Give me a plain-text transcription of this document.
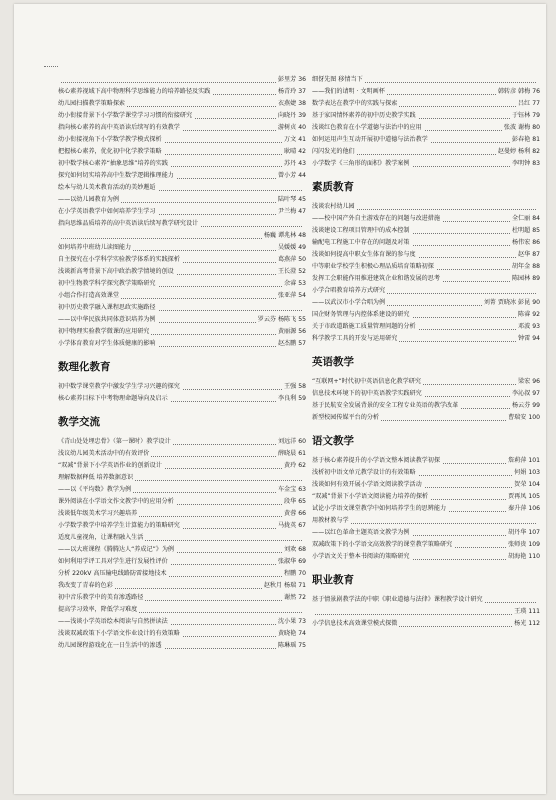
彭里芳 36
核心素养视域下高中物理科学思维能力的培养路径及实践	杨青玲 37
幼儿园扫描教学策略探索	衣燕婕 38
幼小衔接背景下小学数学课堂学习习惯的衔接研究	向晓丹 39
指向核心素养的高中英语读后续写的有效教学	游树贞 40
幼小衔接视角下小学数学教学模式探析	万文 41
把握核心素养，优化初中化学教学策略	耿晴 42
初中数学核心素养“抽象思维”培养的实践	苏丹 43
探究如何切实培养高中生数学逻辑推理能力	曾小芳 44
绘本与幼儿美术教育活动的美妙邂逅
——以幼儿园教育为例	陆叶琴 45
在小学英语教学中如何培养学生学习	尹兰梅 47
指向思维品质培养的高中英语读后续写教学研究设计
杨巍 谭兆林 48
如何培养中班幼儿读图能力	吴媛媛 49
自主探究在小学科学实验教学体系的实践探析	葛燕萍 50
浅谈新高考背景下高中政治教学情境的创设	王长澄 52
初中生物教学科学探究教学策略研究	余睿 53
小组合作打造高效课堂	张亚萍 54
初中历史教学融入课程思政实施路径
——以中华民族共同体意识培养为例	罗云芬 杨陈飞 55
初中物理实验教学微课的应用研究	黄丽源 56
小学体育教育对学生体质健康的影响	赵杰鹏 57
数理化教育
初中数学课堂教学中激发学生学习兴趣的探究	王强 58
核心素养目标下中考物理命题导向及启示	李良利 59
教学交流
《青山处处埋忠骨》（第一课时）教学设计	刘远洋 60
浅议幼儿园美术活动中的有效评价	薛晓晨 61
“双减”背景下小学英语作业的创新设计	黄玲 62
理解数据释低 培养数据意识
——以《平均数》教学为例	车金宝 63
课外阅读在小学语文作文教学中的应用分析	段华 65
浅谈低年级美术学习兴趣培养	黄蓉 66
小学数学教学中培养学生计算能力的策略研究	马拢英 67
适度儿童视角，让课程融入生活
——以大班课程《腾腾达人“养成记”》为例	刘欢 68
如何利用学评工具对学生进行发展性评价	张淑华 69
分析 220kV 高压输电线路防雷接地技术	程鹏 70
我改变了青春的色彩	赵秋月 杨瑞 71
初中音乐教学中的美育渗透路径	谢然 72
提高学习效率，降低学习难度
——浅谈小学英语绘本阅读与自然拼读法	沈小果 73
浅谈双减政策下小学语文作业设计的有效策略	黄晓艳 74
幼儿园课程游戏化在一日生活中的渗透	陈琳瑶 75
细伢先图 移情当下
——我们的请明 · 文明画杯	韩转彦 韩梅 76
数学表达在教学中的实践与探索	吕红 77
基于家国情怀素养的初中历史教学实践	于钰林 79
浅谈红色教育在小学道德与法治中的应用	张波 谢梅 80
如何运用声生互动开展初中道德与法治教学	彭春艳 81
闪闪发光的他们	赵曼婷 杨利 82
小学数学《三角形的面积》教学案例	李明钟 83
素质教育
浅谈农村幼儿园
——校中国产外自主游戏存在的问题与改进措施	全仁丽 84
浅谈建设工程项目管理中的成本控制	杜明超 85
输配电工程施工中存在的问题及对策	杨伟宏 86
浅谈如何提高中职女生体育课的参与度	赵华 87
中等职业学校学生积极心理品质培育策略初探	胡年金 88
发挥工会职能作用推进建筑企业和谐发展的思考	陈园林 89
小学合唱教育培养方式研究
——以武汉市小学合唱为例	刘菁 贾晓冰 彭昆 90
国企财务管理与内控体系建设的研究	陈睿 92
关于市政道路施工质量管理问题的分析	邓波 93
科学教学工具的开发与运用研究	钟雷 94
英语教学
“互联网+”时代初中英语信息化教学研究	梁宏 96
信息技术环境下的初中英语教学实践研究	李沁叔 97
基于民航安全发展背景的安全工程专业英语的教学改革	杨云芬 99
新型校园传媒平台的分析	曹瑞安 100
语文教学
基于核心素养提升的小学语文整本阅读教学初探	詹莉萍 101
浅析初中语文单元教学设计的有效策略	何娟 103
浅谈如何有效开展小学语文阅读教学活动	贺荣 104
“双减”背景下小学语文阅读能力培养的探析	贾再凤 105
试论小学语文课堂教学中如何培养学生的思辨能力	秦升萍 106
用教材教与学
——以红色革命主题英语文教学为例	胡丹华 107
双减政策下的小学语文高效教学的课堂教学策略研究	张师贵 109
小学语文关于整本书阅读的策略研究	胡海艳 110
职业教育
基于情景剧教学法的中职《职业道德与法律》课程教学设计研究
王瑛 111
小学信息技术高效课堂模式探微	杨光 112
